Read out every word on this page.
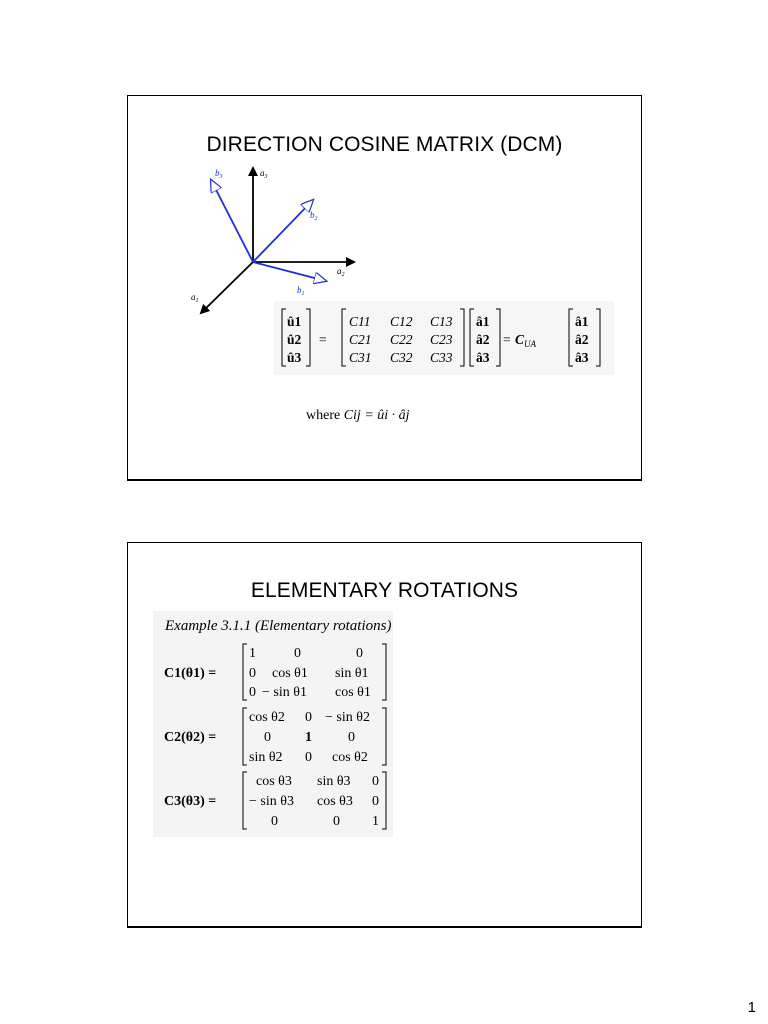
DIRECTION COSINE MATRIX (DCM)
$a_3$
$a_2$
$a_1$
$b_3$
$b_2$
$b_1$
û1
û2
û3
=
C11 C12 C13
C21 C22 C23
C31 C32 C33
â1
â2
â3
= $C_{UA}$
â1
â2
â3
where Cij = ûi · âj
ELEMENTARY ROTATIONS
Example 3.1.1 (Elementary rotations)
C1(θ1) =
1	0	0
0 cos θ1 sin θ1
0 − sin θ1 cos θ1
C2(θ2) =
cos θ2 0 − sin θ2
0 1	0
sin θ2 0 cos θ2
C3(θ3) =
cos θ3 sin θ3 0
− sin θ3 cos θ3 0
0	0 1
1
